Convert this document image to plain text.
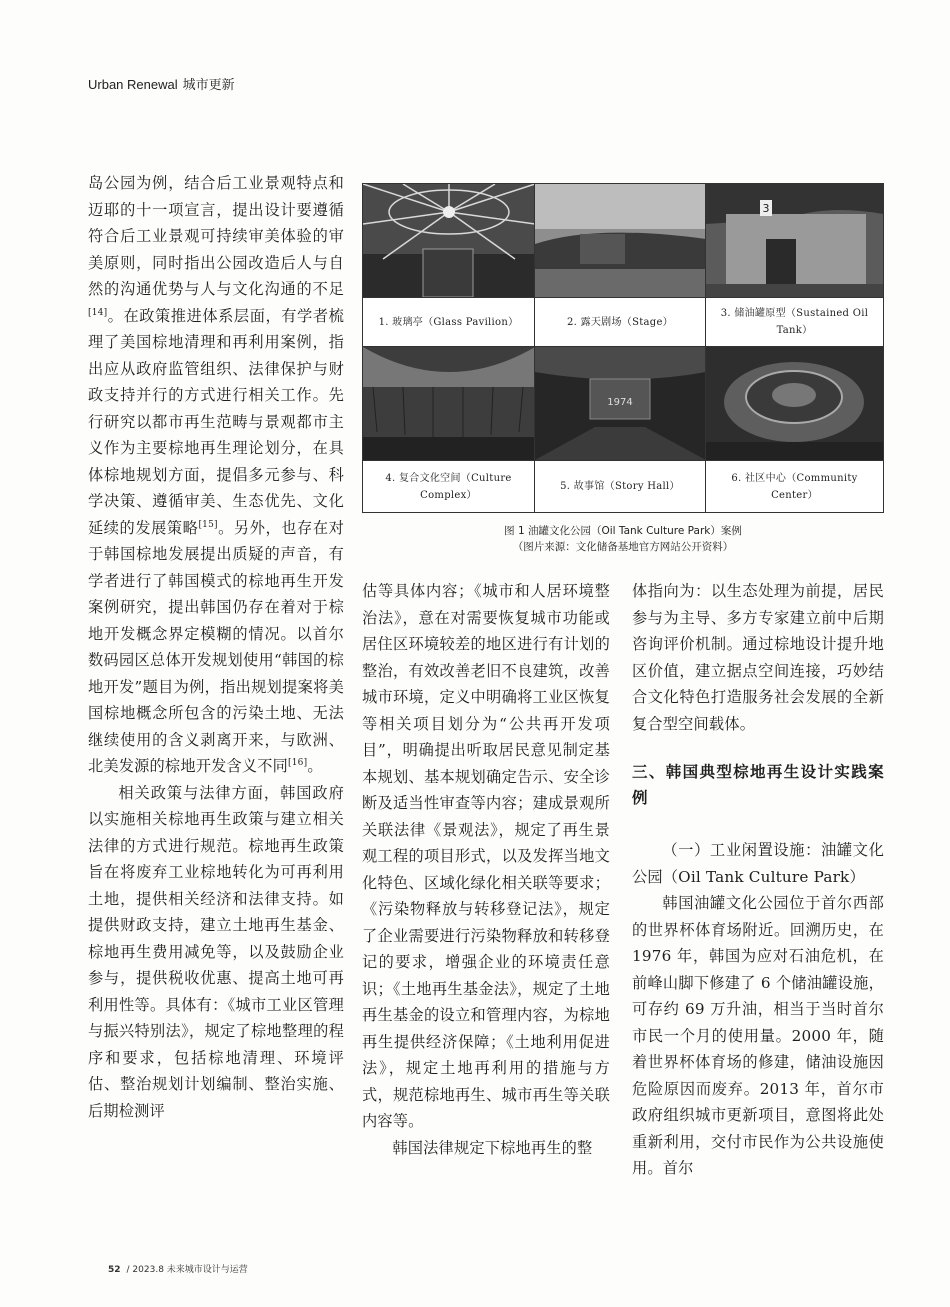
Urban Renewal 城市更新

岛公园为例，结合后工业景观特点和迈耶的十一项宣言，提出设计要遵循符合后工业景观可持续审美体验的审美原则，同时指出公园改造后人与自然的沟通优势与人与文化沟通的不足[14]。在政策推进体系层面，有学者梳理了美国棕地清理和再利用案例，指出应从政府监管组织、法律保护与财政支持并行的方式进行相关工作。先行研究以都市再生范畴与景观都市主义作为主要棕地再生理论划分，在具体棕地规划方面，提倡多元参与、科学决策、遵循审美、生态优先、文化延续的发展策略[15]。另外，也存在对于韩国棕地发展提出质疑的声音，有学者进行了韩国模式的棕地再生开发案例研究，提出韩国仍存在着对于棕地开发概念界定模糊的情况。以首尔数码园区总体开发规划使用“韩国的棕地开发”题目为例，指出规划提案将美国棕地概念所包含的污染土地、无法继续使用的含义剥离开来，与欧洲、北美发源的棕地开发含义不同[16]。

相关政策与法律方面，韩国政府以实施相关棕地再生政策与建立相关法律的方式进行规范。棕地再生政策旨在将废弃工业棕地转化为可再利用土地，提供相关经济和法律支持。如提供财政支持，建立土地再生基金、棕地再生费用减免等，以及鼓励企业参与，提供税收优惠、提高土地可再利用性等。具体有：《城市工业区管理与振兴特别法》，规定了棕地整理的程序和要求，包括棕地清理、环境评估、整治规划计划编制、整治实施、后期检测评

3
1. 玻璃亭（Glass Pavilion）	2. 露天剧场（Stage）
3. 储油罐原型（Sustained Oil Tank）
1974
4. 复合文化空间（Culture Complex）
5. 故事馆（Story Hall）
6. 社区中心（Community Center）
图 1 油罐文化公园（Oil Tank Culture Park）案例
（图片来源：文化储备基地官方网站公开资料）

估等具体内容；《城市和人居环境整治法》，意在对需要恢复城市功能或居住区环境较差的地区进行有计划的整治，有效改善老旧不良建筑，改善城市环境，定义中明确将工业区恢复等相关项目划分为“公共再开发项目”，明确提出听取居民意见制定基本规划、基本规划确定告示、安全诊断及适当性审查等内容；建成景观所关联法律《景观法》，规定了再生景观工程的项目形式，以及发挥当地文化特色、区域化绿化相关联等要求；《污染物释放与转移登记法》，规定了企业需要进行污染物释放和转移登记的要求，增强企业的环境责任意识；《土地再生基金法》，规定了土地再生基金的设立和管理内容，为棕地再生提供经济保障；《土地利用促进法》，规定土地再利用的措施与方式，规范棕地再生、城市再生等关联内容等。

韩国法律规定下棕地再生的整

体指向为：以生态处理为前提，居民参与为主导、多方专家建立前中后期咨询评价机制。通过棕地设计提升地区价值，建立据点空间连接，巧妙结合文化特色打造服务社会发展的全新复合型空间载体。

三、韩国典型棕地再生设计实践案例

（一）工业闲置设施：油罐文化公园（Oil Tank Culture Park）

韩国油罐文化公园位于首尔西部的世界杯体育场附近。回溯历史，在 1976 年，韩国为应对石油危机，在前峰山脚下修建了 6 个储油罐设施，可存约 69 万升油，相当于当时首尔市民一个月的使用量。2000 年，随着世界杯体育场的修建，储油设施因危险原因而废弃。2013 年，首尔市政府组织城市更新项目，意图将此处重新利用，交付市民作为公共设施使用。首尔

52 / 2023.8 未来城市设计与运营
